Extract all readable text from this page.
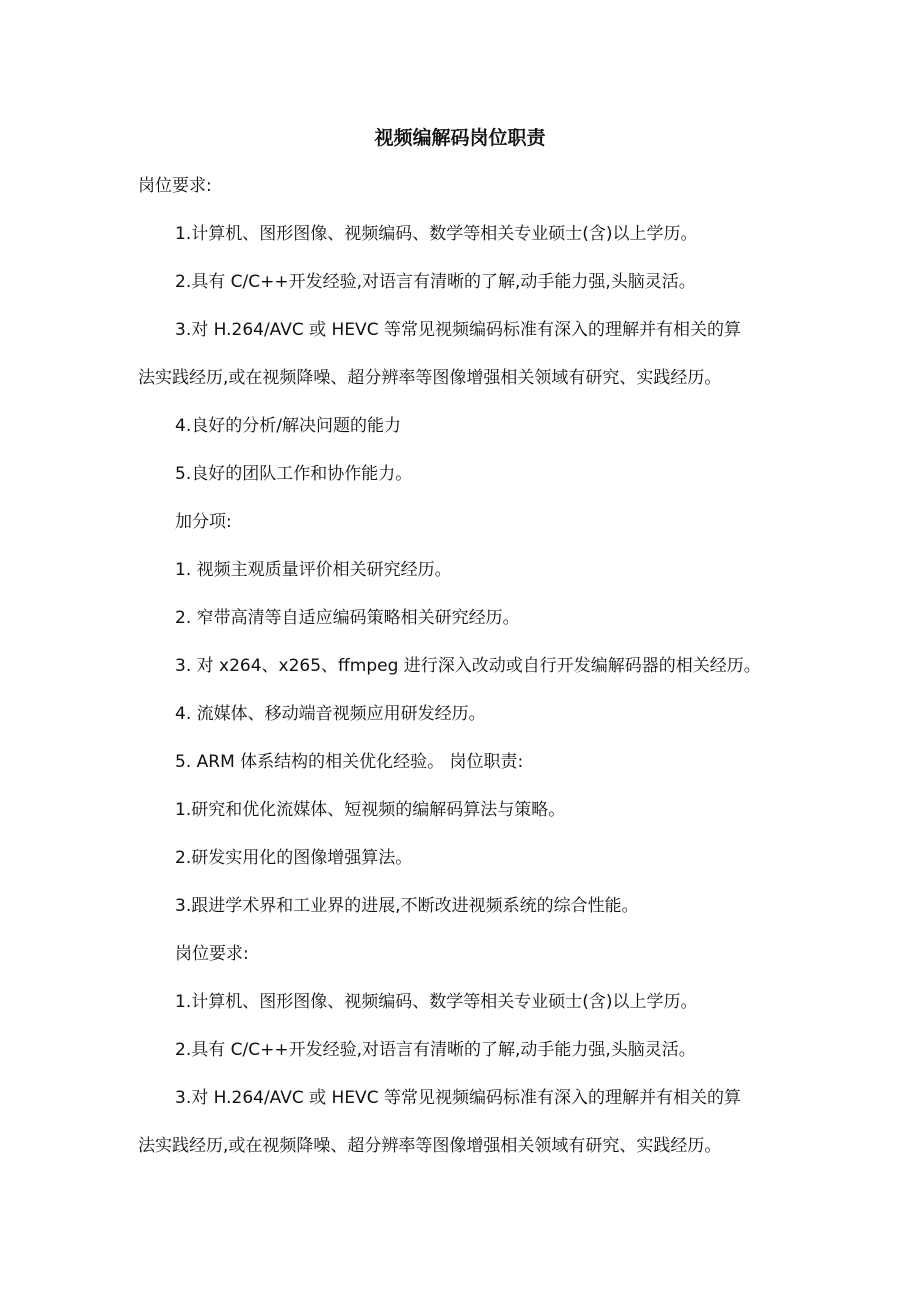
视频编解码岗位职责

岗位要求:

1.计算机、图形图像、视频编码、数学等相关专业硕士(含)以上学历。

2.具有 C/C++开发经验,对语言有清晰的了解,动手能力强,头脑灵活。

3.对 H.264/AVC 或 HEVC 等常见视频编码标准有深入的理解并有相关的算

法实践经历,或在视频降噪、超分辨率等图像增强相关领域有研究、实践经历。

4.良好的分析/解决问题的能力

5.良好的团队工作和协作能力。

加分项:

1. 视频主观质量评价相关研究经历。

2. 窄带高清等自适应编码策略相关研究经历。

3. 对 x264、x265、ffmpeg 进行深入改动或自行开发编解码器的相关经历。

4. 流媒体、移动端音视频应用研发经历。

5. ARM 体系结构的相关优化经验。 岗位职责:

1.研究和优化流媒体、短视频的编解码算法与策略。

2.研发实用化的图像增强算法。

3.跟进学术界和工业界的进展,不断改进视频系统的综合性能。

岗位要求:

1.计算机、图形图像、视频编码、数学等相关专业硕士(含)以上学历。

2.具有 C/C++开发经验,对语言有清晰的了解,动手能力强,头脑灵活。

3.对 H.264/AVC 或 HEVC 等常见视频编码标准有深入的理解并有相关的算

法实践经历,或在视频降噪、超分辨率等图像增强相关领域有研究、实践经历。
